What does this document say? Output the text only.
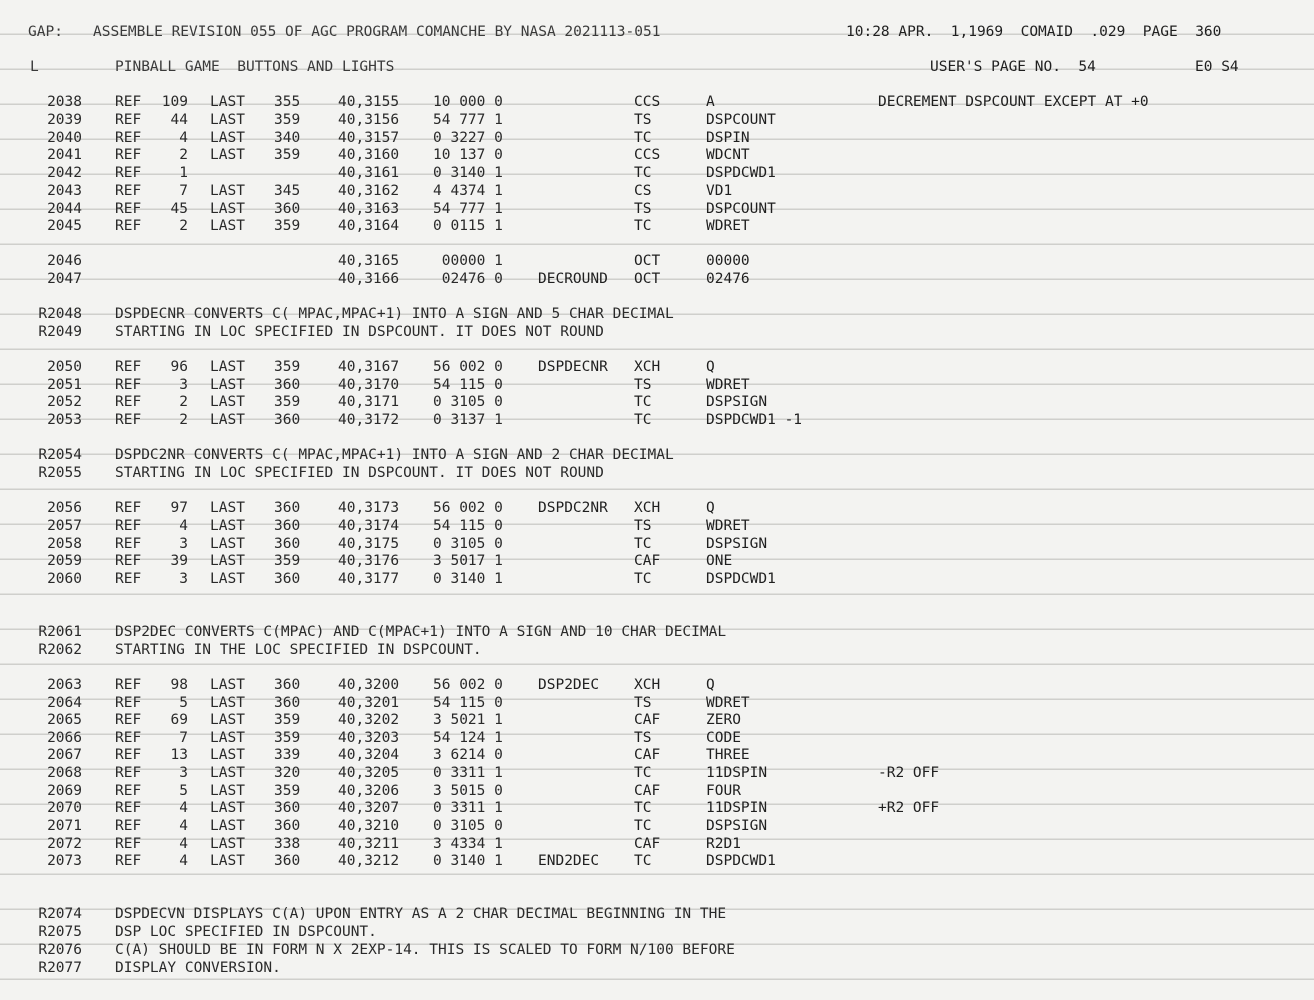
GAP:

ASSEMBLE REVISION 055 OF AGC PROGRAM COMANCHE BY NASA 2021113-051

	10:28 APR.  1,1969  COMAID  .029  PAGE  360

L

	PINBALL GAME  BUTTONS AND LIGHTS

	USER'S PAGE NO.  54

	E0 S4

2038 REF	109 LAST 355	40,3155 10 000 0	CCS	A	DECREMENT DSPCOUNT EXCEPT AT +0
2039 REF	44 LAST 359	40,3156 54 777 1	TS	DSPCOUNT
2040 REF	4 LAST 340	40,3157 0 3227 0	TC	DSPIN
2041 REF	2 LAST 359	40,3160 10 137 0	CCS	WDCNT
2042 REF	1	40,3161 0 3140 1	TC	DSPDCWD1
2043 REF	7 LAST 345	40,3162 4 4374 1	CS	VD1
2044 REF	45 LAST 360	40,3163 54 777 1	TS	DSPCOUNT
2045 REF	2 LAST 359	40,3164 0 0115 1	TC	WDRET
2046	40,3165 00000 1	OCT	00000
2047	40,3166 02476 0 DECROUND OCT	02476
R2048 DSPDECNR CONVERTS C( MPAC,MPAC+1) INTO A SIGN AND 5 CHAR DECIMAL
R2049 STARTING IN LOC SPECIFIED IN DSPCOUNT. IT DOES NOT ROUND
2050 REF	96 LAST 359	40,3167 56 002 0 DSPDECNR XCH	Q
2051 REF	3 LAST 360	40,3170 54 115 0	TS	WDRET
2052 REF	2 LAST 359	40,3171 0 3105 0	TC	DSPSIGN
2053 REF	2 LAST 360	40,3172 0 3137 1	TC	DSPDCWD1 -1
R2054 DSPDC2NR CONVERTS C( MPAC,MPAC+1) INTO A SIGN AND 2 CHAR DECIMAL
R2055 STARTING IN LOC SPECIFIED IN DSPCOUNT. IT DOES NOT ROUND
2056 REF	97 LAST 360	40,3173 56 002 0 DSPDC2NR XCH	Q
2057 REF	4 LAST 360	40,3174 54 115 0	TS	WDRET
2058 REF	3 LAST 360	40,3175 0 3105 0	TC	DSPSIGN
2059 REF	39 LAST 359	40,3176 3 5017 1	CAF	ONE
2060 REF	3 LAST 360	40,3177 0 3140 1	TC	DSPDCWD1
R2061 DSP2DEC CONVERTS C(MPAC) AND C(MPAC+1) INTO A SIGN AND 10 CHAR DECIMAL
R2062 STARTING IN THE LOC SPECIFIED IN DSPCOUNT.
2063 REF	98 LAST 360	40,3200 56 002 0 DSP2DEC XCH	Q
2064 REF	5 LAST 360	40,3201 54 115 0	TS	WDRET
2065 REF	69 LAST 359	40,3202 3 5021 1	CAF	ZERO
2066 REF	7 LAST 359	40,3203 54 124 1	TS	CODE
2067 REF	13 LAST 339	40,3204 3 6214 0	CAF	THREE
2068 REF	3 LAST 320	40,3205 0 3311 1	TC	11DSPIN	-R2 OFF
2069 REF	5 LAST 359	40,3206 3 5015 0	CAF	FOUR
2070 REF	4 LAST 360	40,3207 0 3311 1	TC	11DSPIN	+R2 OFF
2071 REF	4 LAST 360	40,3210 0 3105 0	TC	DSPSIGN
2072 REF	4 LAST 338	40,3211 3 4334 1	CAF	R2D1
2073 REF	4 LAST 360	40,3212 0 3140 1 END2DEC TC	DSPDCWD1
R2074 DSPDECVN DISPLAYS C(A) UPON ENTRY AS A 2 CHAR DECIMAL BEGINNING IN THE
R2075 DSP LOC SPECIFIED IN DSPCOUNT.
R2076 C(A) SHOULD BE IN FORM N X 2EXP-14. THIS IS SCALED TO FORM N/100 BEFORE
R2077 DISPLAY CONVERSION.
